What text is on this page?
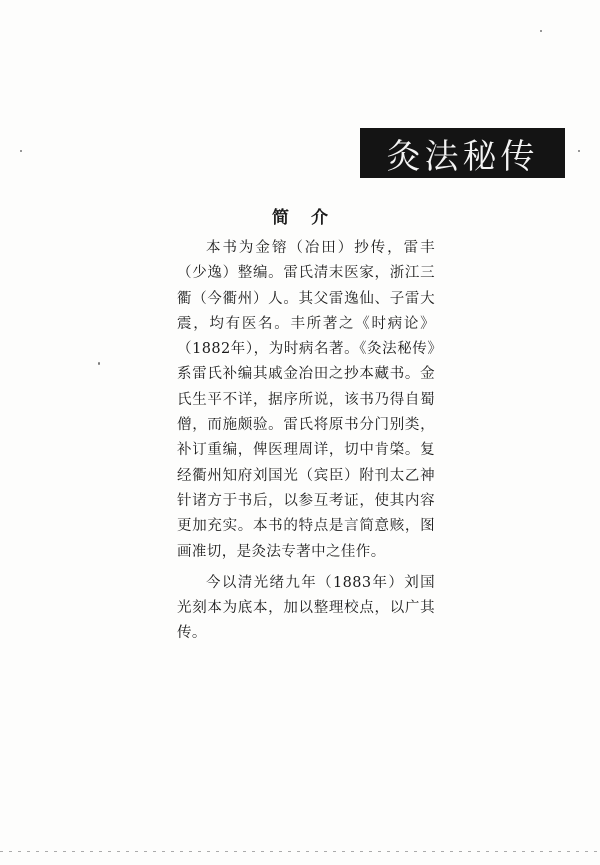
灸法秘传
简介

本书为金镕（冶田）抄传，雷丰（少逸）整编。雷氏清末医家，浙江三衢（今衢州）人。其父雷逸仙、子雷大震，均有医名。丰所著之《时病论》（1882年），为时病名著。《灸法秘传》系雷氏补编其戚金冶田之抄本藏书。金氏生平不详，据序所说，该书乃得自蜀僧，而施颇验。雷氏将原书分门别类，补订重编，俾医理周详，切中肯棨。复经衢州知府刘国光（宾臣）附刊太乙神针诸方于书后，以参互考证，使其内容更加充实。本书的特点是言简意赅，图画准切，是灸法专著中之佳作。

今以清光绪九年（1883年）刘国光刻本为底本，加以整理校点，以广其传。
